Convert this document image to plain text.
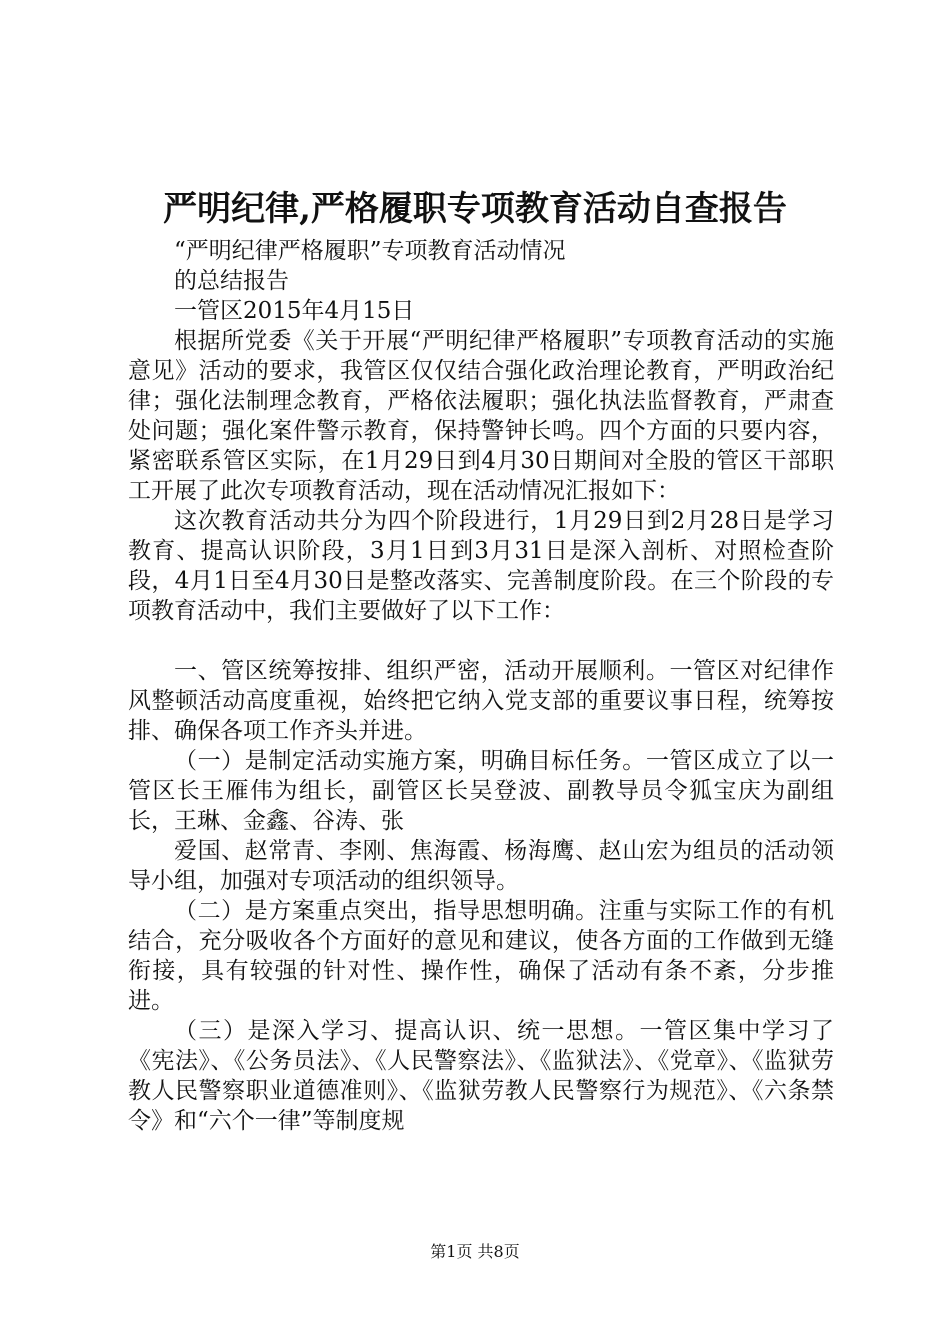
严明纪律,严格履职专项教育活动自查报告

“严明纪律严格履职”专项教育活动情况

的总结报告

一管区2015年4月15日

根据所党委《关于开展“严明纪律严格履职”专项教育活动的实施意见》活动的要求，我管区仅仅结合强化政治理论教育，严明政治纪律；强化法制理念教育，严格依法履职；强化执法监督教育，严肃查处问题；强化案件警示教育，保持警钟长鸣。四个方面的只要内容，紧密联系管区实际，在1月29日到4月30日期间对全股的管区干部职工开展了此次专项教育活动，现在活动情况汇报如下：

这次教育活动共分为四个阶段进行，1月29日到2月28日是学习教育、提高认识阶段，3月1日到3月31日是深入剖析、对照检查阶段，4月1日至4月30日是整改落实、完善制度阶段。在三个阶段的专项教育活动中，我们主要做好了以下工作：

一、管区统筹按排、组织严密，活动开展顺利。一管区对纪律作风整顿活动高度重视，始终把它纳入党支部的重要议事日程，统筹按排、确保各项工作齐头并进。

（一）是制定活动实施方案，明确目标任务。一管区成立了以一管区长王雁伟为组长，副管区长吴登波、副教导员令狐宝庆为副组长，王琳、金鑫、谷涛、张

爱国、赵常青、李刚、焦海霞、杨海鹰、赵山宏为组员的活动领导小组，加强对专项活动的组织领导。

（二）是方案重点突出，指导思想明确。注重与实际工作的有机结合，充分吸收各个方面好的意见和建议，使各方面的工作做到无缝衔接，具有较强的针对性、操作性，确保了活动有条不紊，分步推进。

（三）是深入学习、提高认识、统一思想。一管区集中学习了《宪法》、《公务员法》、《人民警察法》、《监狱法》、《党章》、《监狱劳教人民警察职业道德准则》、《监狱劳教人民警察行为规范》、《六条禁令》和“六个一律”等制度规

第1页 共8页
